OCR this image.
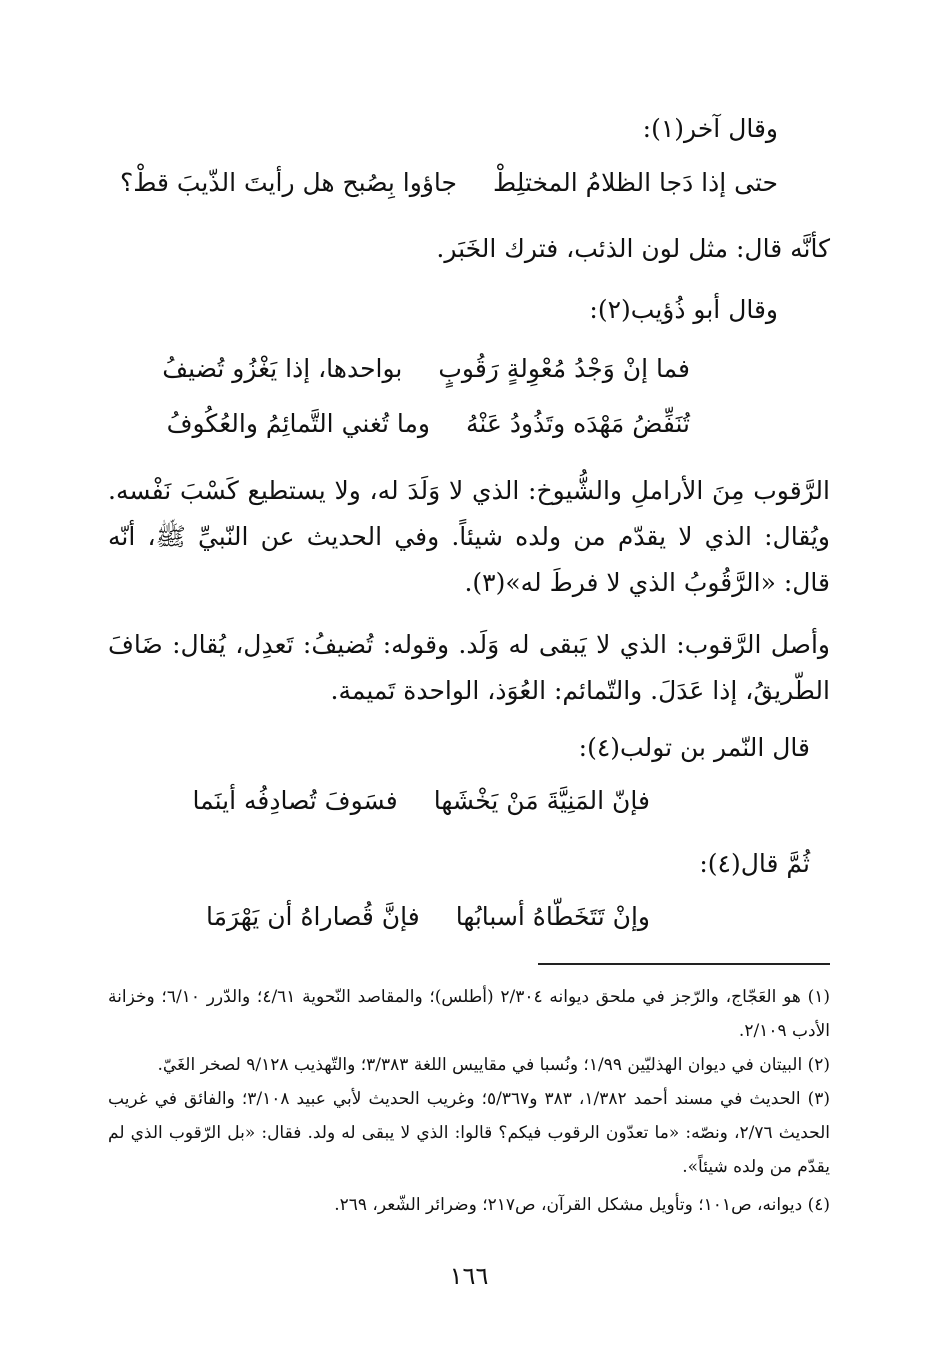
وقال آخر(١):
حتى إذا دَجا الظلامُ المختلِطْ
جاؤوا بِصُبح هل رأيتَ الذّيبَ قطْ؟
كأنَّه قال: مثل لون الذئب، فترك الخَبَر.
وقال أبو ذُؤيب(٢):
فما إنْ وَجْدُ مُعْوِلةٍ رَقُوبٍ
بواحدها، إذا يَغْزُو تُضيفُ
تُنَفِّضُ مَهْدَه وتَذُودُ عَنْهُ
وما تُغني التَّمائِمُ والعُكُوفُ
الرَّقوب مِنَ الأراملِ والشُّيوخ: الذي لا وَلَدَ له، ولا يستطيع كَسْبَ نَفْسه. ويُقال: الذي لا يقدّم من ولده شيئاً. وفي الحديث عن النّبيِّ ﷺ، أنّه قال: «الرَّقُوبُ الذي لا فرطَ له»(٣).
وأصل الرَّقوب: الذي لا يَبقى له وَلَد. وقوله: تُضيفُ: تَعدِل، يُقال: ضَافَ الطّريقُ، إذا عَدَلَ. والتّمائم: العُوَذ، الواحدة تَميمة.
قال النّمر بن تولب(٤):
فإنّ المَنِيَّةَ مَنْ يَخْشَها
فسَوفَ تُصادِفُه أينَما
ثُمَّ قال(٤):
وإنْ تَتَخَطّاهُ أسبابُها
فإنَّ قُصاراهُ أن يَهْرَمَا
(١) هو العَجّاج، والرّجز في ملحق ديوانه ٢/٣٠٤ (أطلس)؛ والمقاصد النّحوية ٤/٦١؛ والدّرر ٦/١٠؛ وخزانة الأدب ٢/١٠٩.
(٢) البيتان في ديوان الهذليّين ١/٩٩؛ ونُسبا في مقاييس اللغة ٣/٣٨٣؛ والتّهذيب ٩/١٢٨ لصخر الغَيّ.
(٣) الحديث في مسند أحمد ١/٣٨٢، ٣٨٣ و٥/٣٦٧؛ وغريب الحديث لأبي عبيد ٣/١٠٨؛ والفائق في غريب الحديث ٢/٧٦، ونصّه: «ما تعدّون الرقوب فيكم؟ قالوا: الذي لا يبقى له ولد. فقال: «بل الرّقوب الذي لم يقدّم من ولده شيئاً».
(٤) ديوانه، ص١٠١؛ وتأويل مشكل القرآن، ص٢١٧؛ وضرائر الشّعر، ٢٦٩.
١٦٦
